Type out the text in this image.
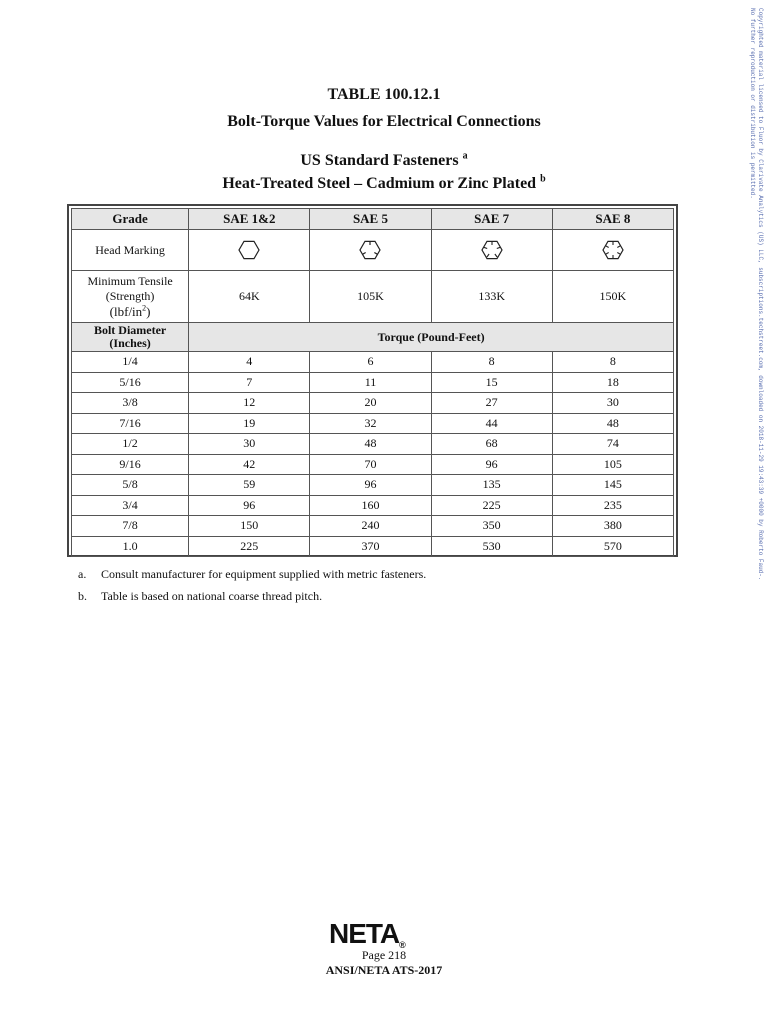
TABLE 100.12.1
Bolt-Torque Values for Electrical Connections
US Standard Fasteners $^a$
Heat-Treated Steel – Cadmium or Zinc Plated $^b$
Grade	SAE 1&2	SAE 5	SAE 7	SAE 8
Head Marking				

Minimum Tensile
(Strength)
$(lbf/in^2)$	64K	105K	133K	150K

Bolt Diameter
(Inches)	Torque (Pound-Feet)			
1/4	4	6	8	8
5/16	7	11	15	18
3/8	12	20	27	30
7/16	19	32	44	48
1/2	30	48	68	74
9/16	42	70	96	105
5/8	59	96	135	145
3/4	96	160	225	235
7/8	150	240	350	380
1.0	225	370	530	570
a. Consult manufacturer for equipment supplied with metric fasteners.
b. Table is based on national coarse thread pitch.
NETA®
Page 218
ANSI/NETA ATS-2017
Copyrighted material licensed to Fluor by Clarivate Analytics (US) LLC, subscriptions.techstreet.com, downloaded on 2018-11-29 19:43:39 +0000 by Roberto Faud-.
No further reproduction or distribution is permitted.
